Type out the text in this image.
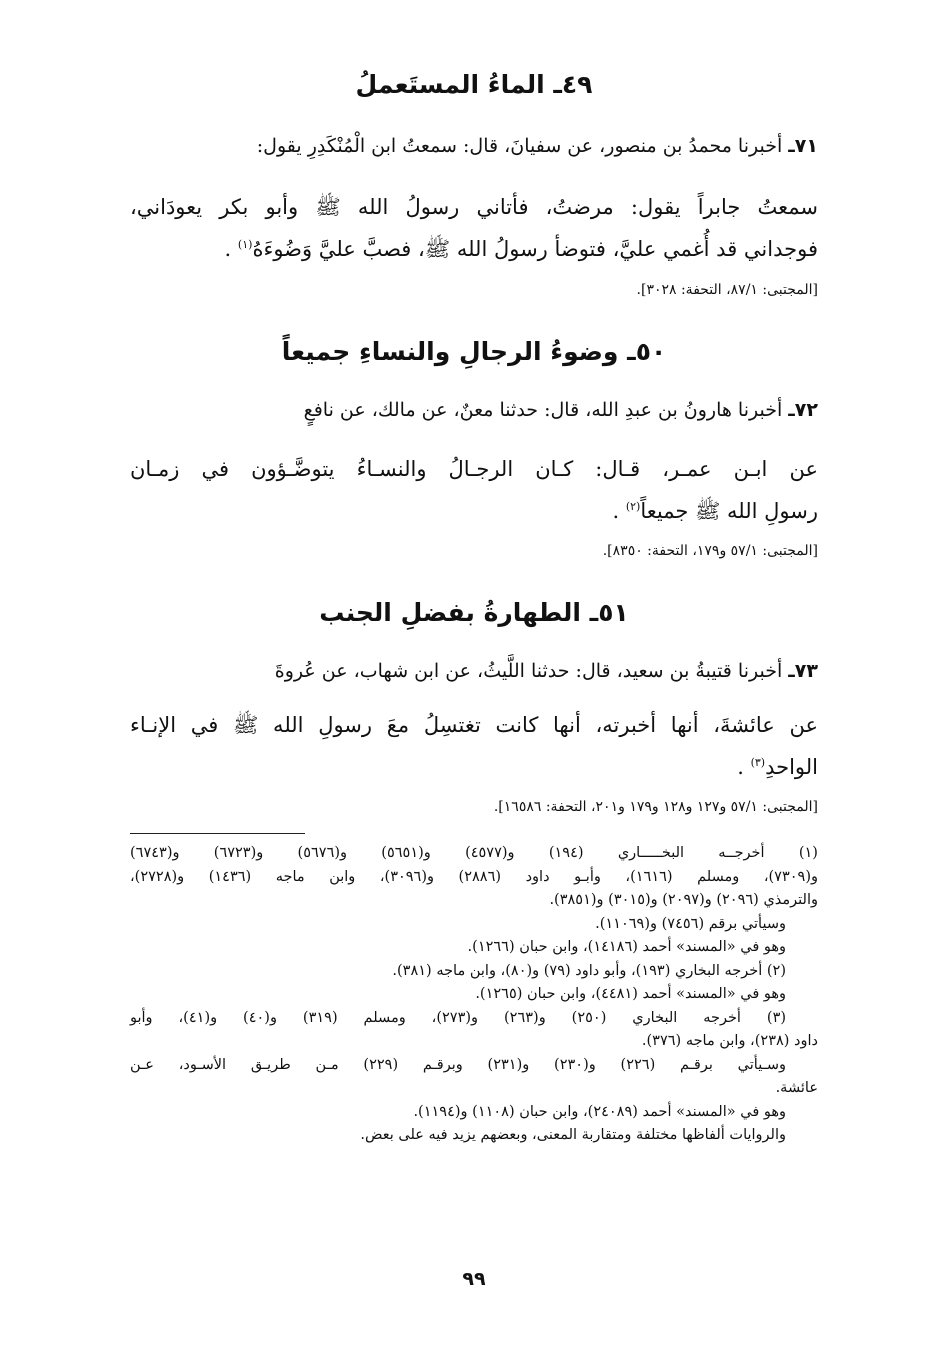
٤٩ـ الماءُ المستَعملُ
٧١ـ أخبرنا محمدُ بن منصور، عن سفيانَ، قال: سمعتُ ابن الْمُنْكَدِرِ يقول:
سمعتُ جابراً يقول: مرضتُ، فأتاني رسولُ الله ﷺ وأبو بكر يعودَاني،
فوجداني قد أُغمي عليَّ، فتوضأ رسولُ الله ﷺ، فصبَّ عليَّ وَضُوءَهُ$^{(١)}$ .
[المجتبى: ١/‏٨٧، التحفة: ٣٠٢٨].
٥٠ـ وضوءُ الرجالِ والنساءِ جميعاً
٧٢ـ أخبرنا هارونُ بن عبدِ الله، قال: حدثنا معنٌ، عن مالك، عن نافعٍ
عن ابـن عمـر، قـال: كـان الرجـالُ والنسـاءُ يتوضَّـؤون في زمـان
رسولِ الله ﷺ جميعاً$^{(٢)}$ .
[المجتبى: ١/‏٥٧ و١٧٩، التحفة: ٨٣٥٠].
٥١ـ الطهارةُ بفضلِ الجنب
٧٣ـ أخبرنا قتيبةُ بن سعيد، قال: حدثنا اللَّيثُ، عن ابن شهاب، عن عُروةَ
عن عائشةَ، أنها أخبرته، أنها كانت تغتسِلُ معَ رسولِ الله ﷺ في الإنـاء
الواحدِ$^{(٣)}$ .
[المجتبى: ١/‏٥٧ و١٢٧ و١٢٨ و١٧٩ و٢٠١، التحفة: ١٦٥٨٦].
(١) أخرجــه البخـــــاري (١٩٤) و(٤٥٧٧) و(٥٦٥١) و(٥٦٧٦) و(٦٧٢٣) و(٦٧٤٣)
و(٧٣٠٩)، ومسلم (١٦١٦)، وأبـو داود (٢٨٨٦) و(٣٠٩٦)، وابن ماجه (١٤٣٦) و(٢٧٢٨)،
والترمذي (٢٠٩٦) و(٢٠٩٧) و(٣٠١٥) و(٣٨٥١).
وسيأتي برقم (٧٤٥٦) و(١١٠٦٩).
وهو في «المسند» أحمد (١٤١٨٦)، وابن حبان (١٢٦٦).
(٢) أخرجه البخاري (١٩٣)، وأبو داود (٧٩) و(٨٠)، وابن ماجه (٣٨١).
وهو في «المسند» أحمد (٤٤٨١)، وابن حبان (١٢٦٥).
(٣) أخرجه البخاري (٢٥٠) و(٢٦٣) و(٢٧٣)، ومسلم (٣١٩) و(٤٠) و(٤١)، وأبو
داود (٢٣٨)، وابن ماجه (٣٧٦).
وسـيأتي برقـم (٢٢٦) و(٢٣٠) و(٢٣١) وبرقـم (٢٢٩) مـن طريـق الأسـود، عـن
عائشة.
وهو في «المسند» أحمد (٢٤٠٨٩)، وابن حبان (١١٠٨) و(١١٩٤).
والروايات ألفاظها مختلفة ومتقاربة المعنى، وبعضهم يزيد فيه على بعض.
٩٩
